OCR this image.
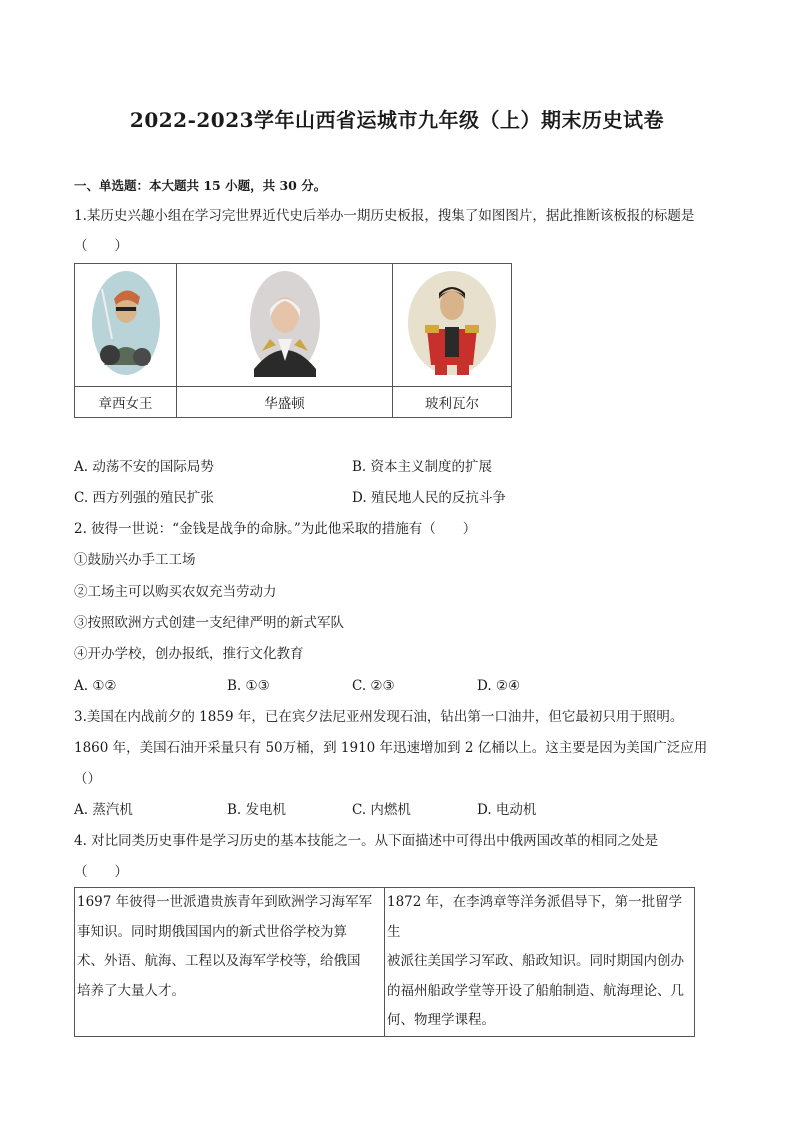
2022-2023学年山西省运城市九年级（上）期末历史试卷
一、单选题：本大题共 15 小题，共 30 分。
1.某历史兴趣小组在学习完世界近代史后举办一期历史板报，搜集了如图图片，据此推断该板报的标题是
（　　）

章西女王	华盛顿	玻利瓦尔
A. 动荡不安的国际局势	B. 资本主义制度的扩展
C. 西方列强的殖民扩张	D. 殖民地人民的反抗斗争
2. 彼得一世说：“金钱是战争的命脉。”为此他采取的措施有（　　）
①鼓励兴办手工工场
②工场主可以购买农奴充当劳动力
③按照欧洲方式创建一支纪律严明的新式军队
④开办学校，创办报纸，推行文化教育
A. ①②	B. ①③	C. ②③	D. ②④
3.美国在内战前夕的 1859 年，已在宾夕法尼亚州发现石油，钻出第一口油井，但它最初只用于照明。
1860 年，美国石油开采量只有 50万桶，到 1910 年迅速增加到 2 亿桶以上。这主要是因为美国广泛应用
（）
A. 蒸汽机	B. 发电机	C. 内燃机	D. 电动机
4. 对比同类历史事件是学习历史的基本技能之一。从下面描述中可得出中俄两国改革的相同之处是
（　　）
1697 年彼得一世派遣贵族青年到欧洲学习海军军
事知识。同时期俄国国内的新式世俗学校为算
术、外语、航海、工程以及海军学校等，给俄国
培养了大量人才。

1872 年，在李鸿章等洋务派倡导下，第一批留学生
被派往美国学习军政、船政知识。同时期国内创办
的福州船政学堂等开设了船舶制造、航海理论、几
何、物理学课程。
